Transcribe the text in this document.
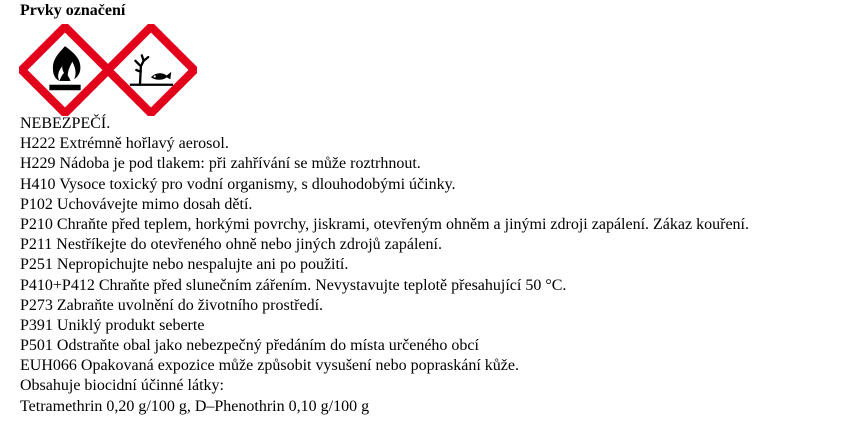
Prvky označení
NEBEZPEČÍ.
H222 Extrémně hořlavý aerosol.
H229 Nádoba je pod tlakem: při zahřívání se může roztrhnout.
H410 Vysoce toxický pro vodní organismy, s dlouhodobými účinky.
P102 Uchovávejte mimo dosah dětí.
P210 Chraňte před teplem, horkými povrchy, jiskrami, otevřeným ohněm a jinými zdroji zapálení. Zákaz kouření.
P211 Nestříkejte do otevřeného ohně nebo jiných zdrojů zapálení.
P251 Nepropichujte nebo nespalujte ani po použití.
P410+P412 Chraňte před slunečním zářením. Nevystavujte teplotě přesahující 50 °C.
P273 Zabraňte uvolnění do životního prostředí.
P391 Uniklý produkt seberte
P501 Odstraňte obal jako nebezpečný předáním do místa určeného obcí
EUH066 Opakovaná expozice může způsobit vysušení nebo popraskání kůže.
Obsahuje biocidní účinné látky:
Tetramethrin 0,20 g/100 g, D–Phenothrin 0,10 g/100 g
